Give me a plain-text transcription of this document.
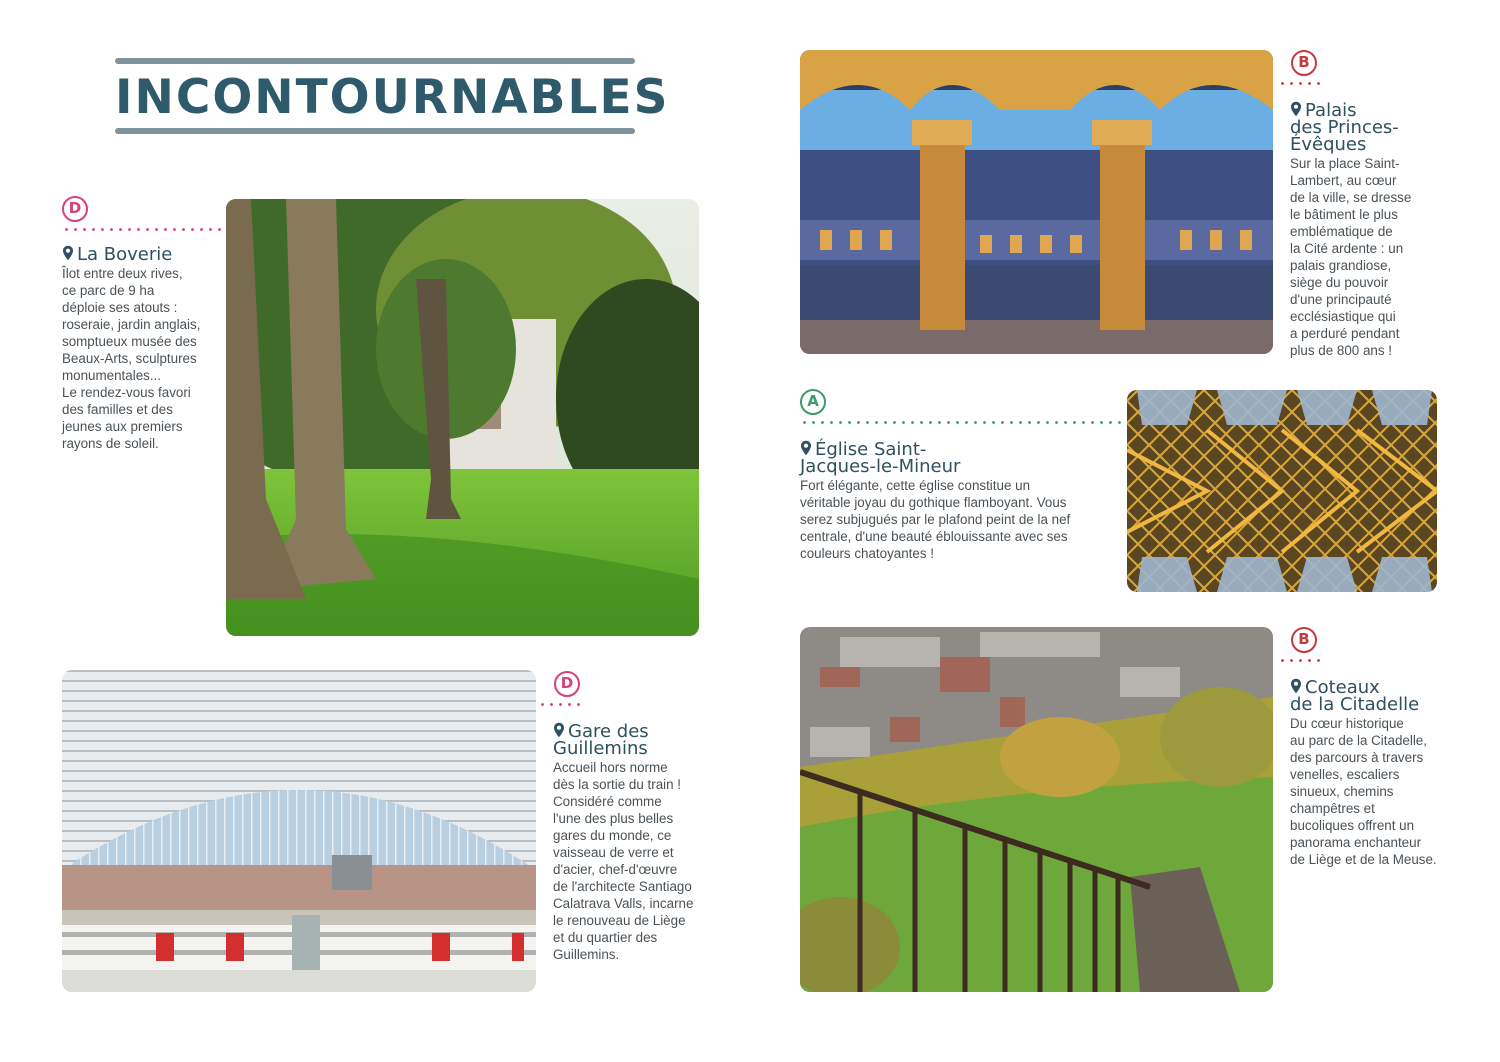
INCONTOURNABLES
D
La Boverie
Îlot entre deux rives,
ce parc de 9 ha
déploie ses atouts :
roseraie, jardin anglais,
somptueux musée des
Beaux-Arts, sculptures
monumentales...
Le rendez-vous favori
des familles et des
jeunes aux premiers
rayons de soleil.
B
Palais
des Princes-
Évêques
Sur la place Saint-
Lambert, au cœur
de la ville, se dresse
le bâtiment le plus
emblématique de
la Cité ardente : un
palais grandiose,
siège du pouvoir
d'une principauté
ecclésiastique qui
a perduré pendant
plus de 800 ans !
A
Église Saint-
Jacques-le-Mineur
Fort élégante, cette église constitue un
véritable joyau du gothique flamboyant. Vous
serez subjugués par le plafond peint de la nef
centrale, d'une beauté éblouissante avec ses
couleurs chatoyantes !
D
Gare des
Guillemins
Accueil hors norme
dès la sortie du train !
Considéré comme
l'une des plus belles
gares du monde, ce
vaisseau de verre et
d'acier, chef-d'œuvre
de l'architecte Santiago
Calatrava Valls, incarne
le renouveau de Liège
et du quartier des
Guillemins.
B
Coteaux
de la Citadelle
Du cœur historique
au parc de la Citadelle,
des parcours à travers
venelles, escaliers
sinueux, chemins
champêtres et
bucoliques offrent un
panorama enchanteur
de Liège et de la Meuse.
